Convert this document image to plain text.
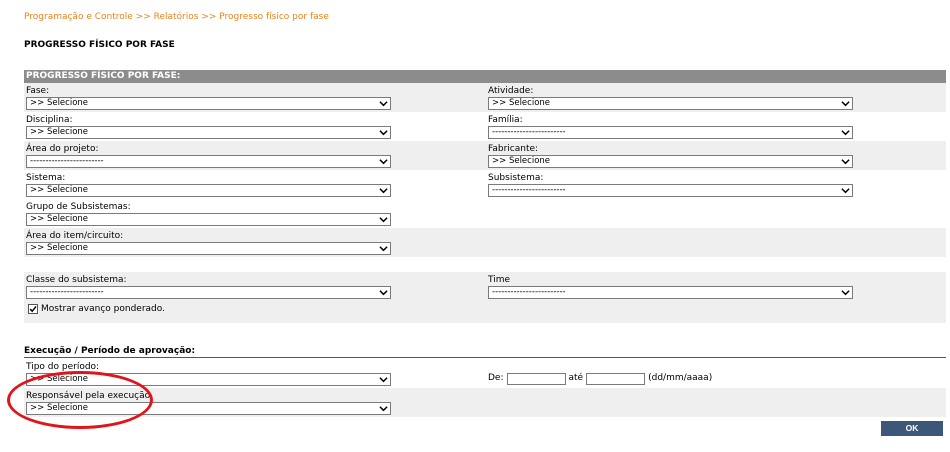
Programação e Controle >> Relatórios >> Progresso físico por fase
PROGRESSO FÍSICO POR FASE
PROGRESSO FÍSICO POR FASE:
Fase:
>> Selecione
Atividade:
>> Selecione
Disciplina:
>> Selecione
Família:
------------------------
Área do projeto:
------------------------
Fabricante:
>> Selecione
Sistema:
>> Selecione
Subsistema:
------------------------
Grupo de Subsistemas:
>> Selecione
Área do item/circuito:
>> Selecione
Classe do subsistema:
------------------------
Time
------------------------
Mostrar avanço ponderado.
Execução / Período de aprovação:
Tipo do período:
>> Selecione	De:	até	(dd/mm/aaaa)
Responsável pela execução
>> Selecione
OK
